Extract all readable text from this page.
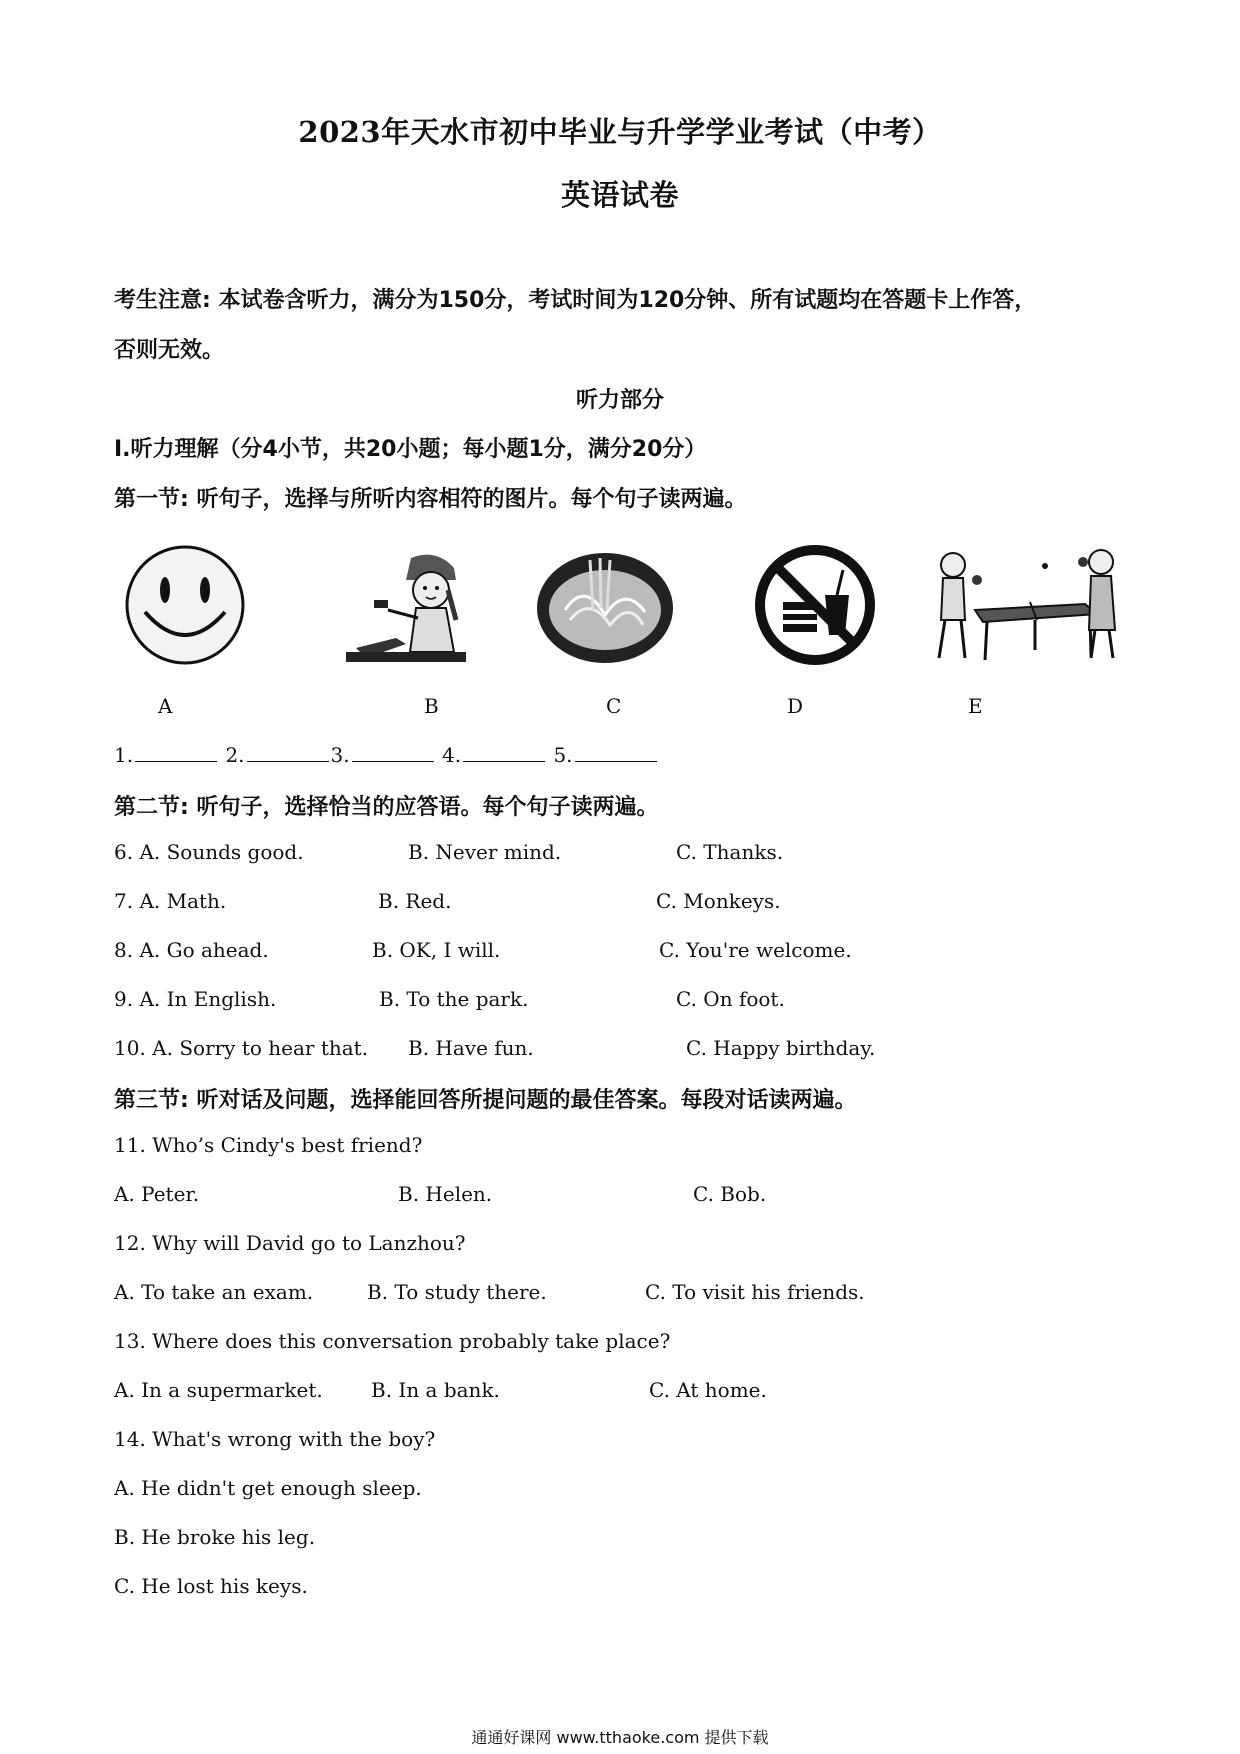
2023年天水市初中毕业与升学学业考试（中考）
英语试卷
考生注意: 本试卷含听力，满分为150分，考试时间为120分钟、所有试题均在答题卡上作答，
否则无效。
听力部分
Ⅰ.听力理解（分4小节，共20小题；每小题1分，满分20分）
第一节: 听句子，选择与所听内容相符的图片。每个句子读两遍。
A	B	C	D	E
1.	2.	3.	4.	5.
第二节: 听句子，选择恰当的应答语。每个句子读两遍。
6. A. Sounds good.	B. Never mind.	C. Thanks.
7. A. Math.	B. Red.	C. Monkeys.
8. A. Go ahead.	B. OK, I will.	C. You're welcome.
9. A. In English.	B. To the park.	C. On foot.
10. A. Sorry to hear that. B. Have fun.	C. Happy birthday.
第三节: 听对话及问题，选择能回答所提问题的最佳答案。每段对话读两遍。
11. Who’s Cindy's best friend?
A. Peter.	B. Helen.	C. Bob.
12. Why will David go to Lanzhou?
A. To take an exam.	B. To study there.	C. To visit his friends.
13. Where does this conversation probably take place?
A. In a supermarket. B. In a bank.	C. At home.
14. What's wrong with the boy?
A. He didn't get enough sleep.
B. He broke his leg.
C. He lost his keys.
通通好课网 www.tthaoke.com 提供下载
